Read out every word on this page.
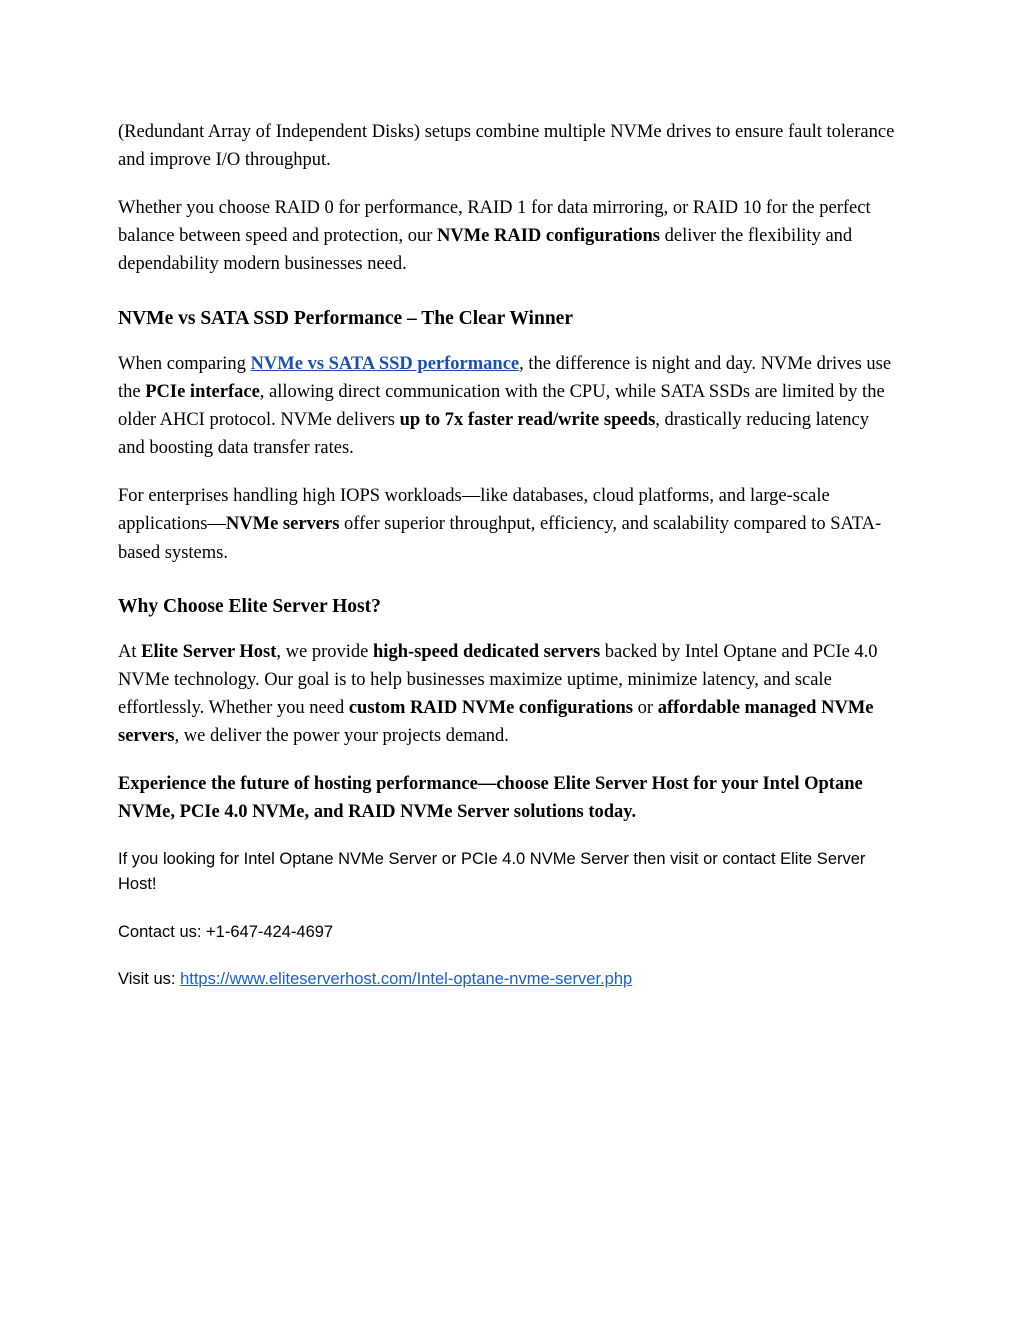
(Redundant Array of Independent Disks) setups combine multiple NVMe drives to ensure fault tolerance and improve I/O throughput.

Whether you choose RAID 0 for performance, RAID 1 for data mirroring, or RAID 10 for the perfect balance between speed and protection, our NVMe RAID configurations deliver the flexibility and dependability modern businesses need.

NVMe vs SATA SSD Performance – The Clear Winner

When comparing NVMe vs SATA SSD performance, the difference is night and day. NVMe drives use the PCIe interface, allowing direct communication with the CPU, while SATA SSDs are limited by the older AHCI protocol. NVMe delivers up to 7x faster read/write speeds, drastically reducing latency and boosting data transfer rates.

For enterprises handling high IOPS workloads—like databases, cloud platforms, and large-scale applications—NVMe servers offer superior throughput, efficiency, and scalability compared to SATA-based systems.

Why Choose Elite Server Host?

At Elite Server Host, we provide high-speed dedicated servers backed by Intel Optane and PCIe 4.0 NVMe technology. Our goal is to help businesses maximize uptime, minimize latency, and scale effortlessly. Whether you need custom RAID NVMe configurations or affordable managed NVMe servers, we deliver the power your projects demand.

Experience the future of hosting performance—choose Elite Server Host for your Intel Optane NVMe, PCIe 4.0 NVMe, and RAID NVMe Server solutions today.

If you looking for Intel Optane NVMe Server or PCIe 4.0 NVMe Server then visit or contact Elite Server Host!

Contact us: +1-647-424-4697

Visit us: https://www.eliteserverhost.com/Intel-optane-nvme-server.php
